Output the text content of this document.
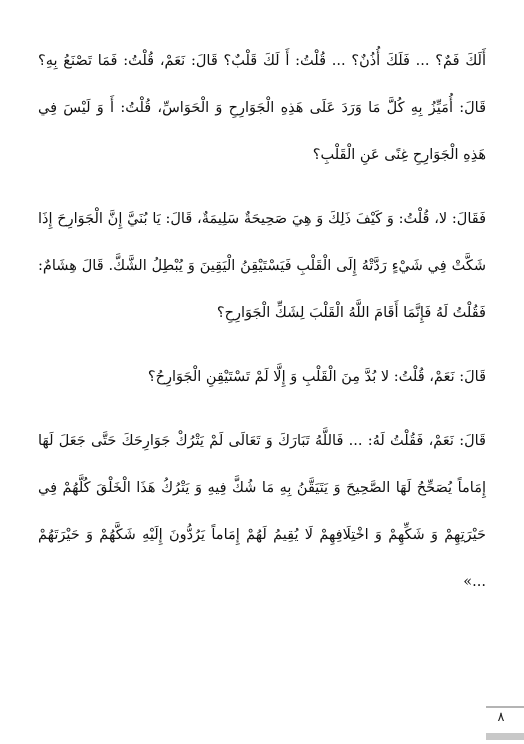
أَلَكَ فَمٌ؟ ... فَلَكَ أُذُنٌ؟ ... قُلْتُ: أَ لَكَ قَلْبٌ؟ قَالَ: نَعَمْ، قُلْتُ: فَمَا تَصْنَعُ بِهِ؟ قَالَ: أُمَيِّزُ بِهِ كُلَّ مَا وَرَدَ عَلَى هَذِهِ الْجَوَارِحِ وَ الْحَوَاسِّ، قُلْتُ: أَ وَ لَيْسَ فِي هَذِهِ الْجَوَارِحِ غِنًى عَنِ الْقَلْبِ؟

فَقَالَ: لا، قُلْتُ: وَ كَيْفَ ذَلِكَ وَ هِيَ صَحِيحَةٌ سَلِيمَةٌ، قَالَ: يَا بُنَيَّ إِنَّ الْجَوَارِحَ إِذَا شَكَّتْ فِي شَيْءٍ رَدَّتْهُ إِلَى الْقَلْبِ فَيَسْتَيْقِنُ الْيَقِينَ وَ يُبْطِلُ الشَّكَّ. قَالَ هِشَامٌ: فَقُلْتُ لَهُ فَإِنَّمَا أَقَامَ اللَّهُ الْقَلْبَ لِشَكِّ الْجَوَارِحِ؟

قَالَ: نَعَمْ، قُلْتُ: لا بُدَّ مِنَ الْقَلْبِ وَ إِلَّا لَمْ تَسْتَيْقِنِ الْجَوَارِحُ؟

قَالَ: نَعَمْ، فَقُلْتُ لَهُ: ... فَاللَّهُ تَبَارَكَ وَ تَعَالَى لَمْ يَتْرُكْ جَوَارِحَكَ حَتَّى جَعَلَ لَهَا إِمَاماً يُصَحِّحُ لَهَا الصَّحِيحَ وَ يَتَيَقَّنُ بِهِ مَا شُكَّ فِيهِ وَ يَتْرُكُ هَذَا الْخَلْقَ كُلَّهُمْ فِي حَيْرَتِهِمْ وَ شَكِّهِمْ وَ اخْتِلَافِهِمْ لَا يُقِيمُ لَهُمْ إِمَاماً يَرُدُّونَ إِلَيْهِ شَكَّهُمْ وَ حَيْرَتَهُمْ ...»

٨
